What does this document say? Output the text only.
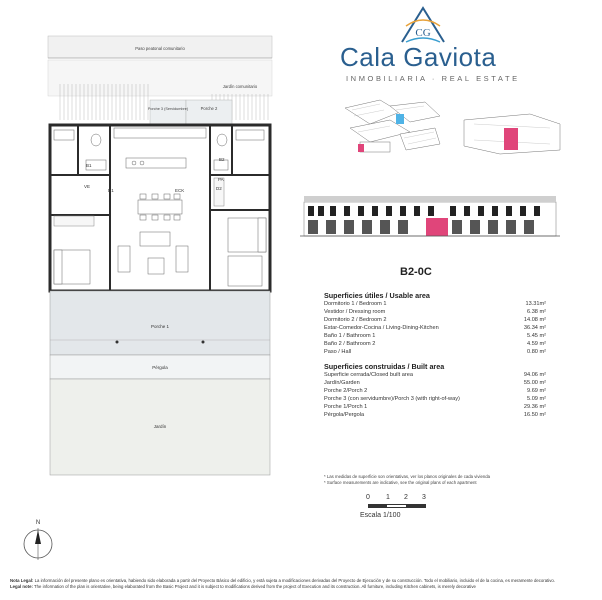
Paso peatonal comunitario
Jardín comunitario
Porche 3 (Servidumbre)	Porche 2
B1
B2
VE
PA
D1	D2
ECK
Porche 1
Pérgola
Jardín
N
CG
Cala Gaviota
INMOBILIARIA · REAL ESTATE
B2-0C
Superficies útiles / Usable area
Dormitorio 1 / Bedroom 1	13.31m²
Vestidor / Dressing room	6.38 m²
Dormitorio 2 / Bedroom 2	14.08 m²
Estar-Comedor-Cocina / Living-Dining-Kitchen	36.34 m²
Baño 1 / Bathroom 1	5.45 m²
Baño 2 / Bathroom 2	4.59 m²
Paso / Hall	0.80 m²
Superficies construidas / Built area
Superficie cerrada/Closed built area	94.06 m²
Jardín/Garden	55.00 m²
Porche 2/Porch 2	9.69 m²
Porche 3 (con servidumbre)/Porch 3 (with right-of-way)	5.09 m²
Porche 1/Porch 1	29.36 m²
Pérgola/Pergola	16.50 m²
* Las medidas de superficie son orientativas, ver los planos originales de cada vivienda
* Surface measurements are indicative, see the original plans of each apartment
0 1 2 3
Escala 1/100
Nota Legal: La información del presente plano es orientativa, habiendo sido elaborada a partir del Proyecto Básico del edificio, y está sujeta a modificaciones derivadas del Proyecto de Ejecución y de su construcción. Todo el mobiliario, incluido el de la cocina, es meramente decorativo.
Legal note: The information of the plan is orientative, being elaborated from the Basic Project and it is subject to modifications derived from the project of Execution and its construction. All furniture, including Kitchen cabinets, is merely decorative
